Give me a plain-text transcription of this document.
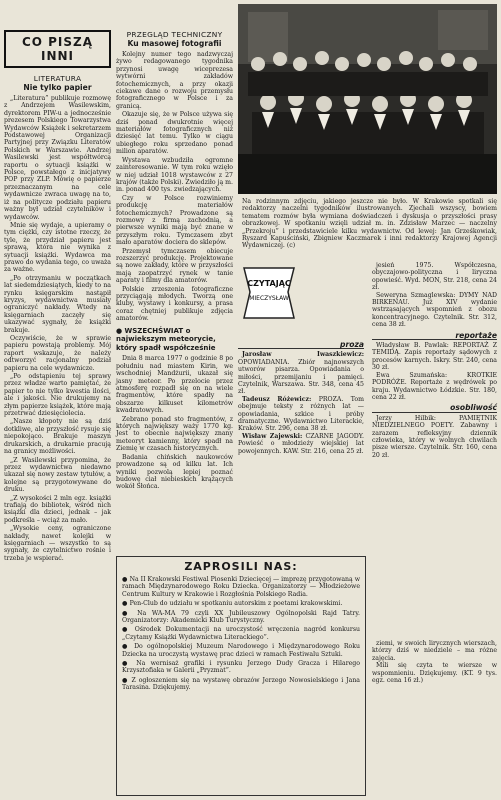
CO PISZĄ INNI
LITERATURA
Nie tylko papier

„Literatura” publikuje rozmowę z Andrzejem Wasilewskim, dyrektorem PIW-u a jednocześnie prezesem Polskiego Towarzystwa Wydawców Książek i sekretarzem Podstawowej Organizacji Partyjnej przy Związku Literatów Polskich w Warszawie. Andrzej Wasilewski jest współtwórcą raportu o sytuacji książki w Polsce, powstałego z inicjatywy POP przy ZLP. Mówię o papierze przeznaczanym na cele wydawnicze zwraca uwagę na to, iż na politycze podziału papieru ważny był udział czytelników i wydawców.

Mnie się wydaje, a upieramy o tym ciężki, czy istotne rzeczy, że tyle, że przydział papieru jest sprawą, która nie wynika z sytuacji książki. Wydawca ma prawo do wydania tego, co uważa za ważne.

„Po otrzymaniu w początkach lat siedemdziesiątych, kiedy to na rynku księgarskim nastąpił kryzys, wydawnictwa musiały ograniczyć nakłady. Wtedy na księgarniach zaczęły się ukazywać sygnały, że książki brakuje.

Oczywiście, że w sprawie papieru powstają problemy. Mój raport wskazuje, że należy odtworzyć racjonalny podział papieru na cele wydawnicze.

„Po odstąpieniu tej sprawy przez władze warto pamiętać, że papier to nie tylko kwestia ilości, ale i jakości. Nie drukujemy na złym papierze książek, które mają przetrwać dziesięciolecia.

„Nasze kłopoty nie są dziś dotkliwe, ale przyszłość rysuje się niepokojąco. Brakuje maszyn drukarskich, a drukarnie pracują na granicy możliwości.

„Z Wasilewski przypomina, że przez wydawnictwa niedawno ukazał się nowy zestaw tytułów, a kolejne są przygotowywane do druku.

„Z wysokości 2 mln egz. książki trafiają do bibliotek, wśród nich książki dla dzieci, jednak – jak podkreśla – wciąż za mało.

„Wysokie ceny, ograniczone nakłady, nawet kolejki w księgarniach — wszystko to są sygnały, że czytelnictwo rośnie i trzeba je wspierać.

PRZEGLĄD TECHNICZNY
Ku masowej fotografii

Kolejny numer tego nadzwyczaj żywo redagowanego tygodnika przynosi uwagę wiceprezesa wytwórni zakładów fotochemicznych, a przy okazji ciekawe dane o rozwoju przemysłu fotograficznego w Polsce i za granicą.

Okazuje się, że w Polsce używa się dziś ponad dwukrotnie więcej materiałów fotograficznych niż dziesięć lat temu. Tylko w ciągu ubiegłego roku sprzedano ponad milion aparatów.

Wystawa wzbudziła ogromne zainteresowanie. W tym roku wzięło w niej udział 1018 wystawców z 27 krajów (także Polski). Zwiedziło ją m. in. ponad 400 tys. zwiedzających.

Czy w Polsce rozwiniemy produkcję materiałów fotochemicznych? Prowadzone są rozmowy z firmą zachodnią, a pierwsze wyniki mają być znane w przyszłym roku. Tymczasem zbyt mało aparatów dociera do sklepów.

Przemysł tymczasem obiecuje rozszerzyć produkcję. Projektowane są nowe zakłady, które w przyszłości mają zaopatrzyć rynek w tanie aparaty i filmy dla amatorów.

Polskie zrzeszenia fotograficzne przyciągają młodych. Tworzą one kluby, wystawy i konkursy, a prasa coraz chętniej publikuje zdjęcia amatorów.

● WSZECHŚWIAT o najwiekszym meteorycie, który spadł współcześnie

Dnia 8 marca 1977 o godzinie 8 po południu nad miastem Kirin, we wschodniej Mandżurii, ukazał się jasny meteor. Po przelocie przez atmosferę rozpadł się on na wiele fragmentów, które spadły na obszarze kilkuset kilometrów kwadratowych.

Zebrano ponad sto fragmentów, z których największy waży 1770 kg. Jest to obecnie największy znany meteoryt kamienny, który spadł na Ziemię w czasach historycznych.

Badania chińskich naukowców prowadzone są od kilku lat. Ich wyniki pozwolą lepiej poznać budowę ciał niebieskich krążących wokół Słońca.

Na rodzinnym zdjęciu, jakiego jeszcze nie było. W Krakowie spotkali się redaktorzy naczelni tygodników ilustrowanych. Zjechali wszyscy, bowiem tematem rozmów była wymiana doświadczeń i dyskusja o przyszłości prasy obrazkowej. W spotkaniu wzięli udział m. in. Zdzisław Marzec — naczelny „Przekroju” i przedstawiciele kilku wydawnictw. Od lewej: Jan Grześkowiak, Ryszard Kapuściński, Zbigniew Kaczmarek i inni redaktorzy Krajowej Agencji Wydawniczej. (c)
CZYTAJĄC
MIECZYSŁAW
proza

Jarosław Iwaszkiewicz: OPOWIADANIA. Zbiór najnowszych utworów pisarza. Opowiadania o miłości, przemijaniu i pamięci. Czytelnik, Warszawa. Str. 348, cena 45 zł.

Tadeusz Różewicz: PROZA. Tom obejmuje teksty z różnych lat — opowiadania, szkice i próby dramatyczne. Wydawnictwo Literackie, Kraków. Str. 296, cena 38 zł.

Wisław Zajewski: CZARNE JAGODY. Powieść o młodzieży wiejskiej lat powojennych. KAW. Str. 216, cena 25 zł.

jesień 1975. Współczesna, obyczajowo-polityczna i liryczna opowieść. Wyd. MON, Str. 218, cena 24 zł.

Seweryna Szmaglewska: DYMY NAD BIRKENAU. Już XIV wydanie wstrząsających wspomnień z obozu koncentracyjnego. Czytelnik. Str. 312, cena 38 zł.

reportaże

Władysław B. Pawlak: REPORTAŻ Z TEMIDĄ. Zapis reportaży sądowych z procesów karnych. Iskry. Str. 240, cena 30 zł.

Ewa Szumańska: KROTKIE PODRÓŻE. Reportaże z wędrówek po kraju. Wydawnictwo Łódzkie. Str. 180, cena 22 zł.

osobliwość

Jerzy Hilbik: PAMIĘTNIK NIEDZIELNEGO POETY. Zabawny i zarazem refleksyjny dziennik człowieka, który w wolnych chwilach pisze wiersze. Czytelnik. Str. 160, cena 20 zł.

ZAPROSILI NAS:
● Na II Krakowski Festiwal Piosenki Dziecięcej — imprezę przygotowaną w ramach Międzynarodowego Roku Dziecka. Organizatorzy — Młodzieżowe Centrum Kultury w Krakowie i Rozgłośnia Polskiego Radia.
● Pen-Club do udziału w spotkaniu autorskim z poetami krakowskimi.
● Na WA-MA 79 czyli XX Jubileuszowy Ogólnopolski Rajd Tatry. Organizatorzy: Akademicki Klub Turystyczny.
● Ośrodek Dokumentacji na uroczystość wręczenia nagród konkursu „Czytamy Książki Wydawnictwa Literackiego”.
● Do ogólnopolskiej Muzeum Narodowego i Międzynarodowego Roku Dziecka na uroczystą wystawę prac dzieci w ramach Festiwalu Sztuki.
● Na wernisaż grafiki i rysunku Jerzego Dudy Gracza i Hilarego Krzysztofiaka w Galerii „Pryzmat”.
● Z ogłoszeniem się na wystawę obrazów Jerzego Nowosielskiego i Jana Tarasina. Dziękujemy.

ziemi, w swoich lirycznych wierszach, którzy dziś w niedziele – ma różne zajęcia.

Mili się czyta te wiersze w wspomnieniu. Dziękujemy. (KT. 9 tys. egz. cena 16 zł.)
